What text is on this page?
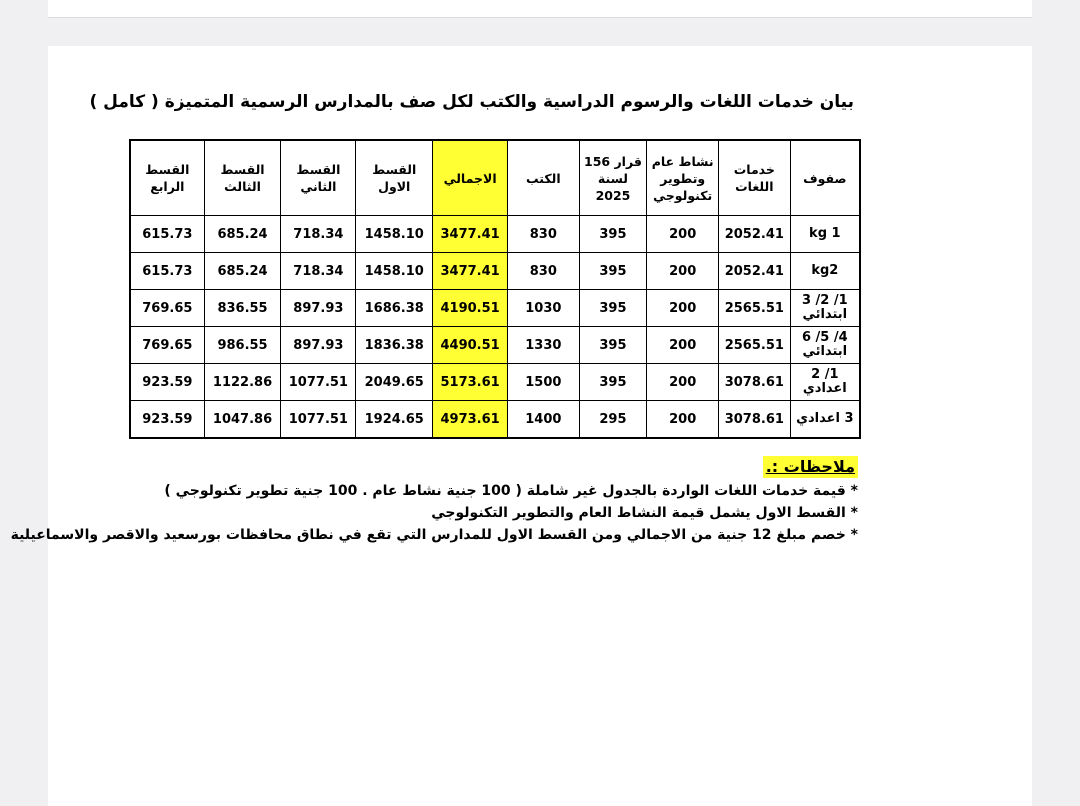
بيان خدمات اللغات والرسوم الدراسية والكتب لكل صف بالمدارس الرسمية المتميزة ( كامل )
صفوف	خدمات اللغات	نشاط عام وتطوير تكنولوجي	قرار 156 لسنة 2025	الكتب	الاجمالي	القسط الاول	القسط الثاني	القسط الثالث	القسط الرابع
kg 1	2052.41	200	395	830	3477.41	1458.10	718.34	685.24	615.73
kg2	2052.41	200	395	830	3477.41	1458.10	718.34	685.24	615.73
1/ 2/ 3 ابتدائي	2565.51	200	395	1030	4190.51	1686.38	897.93	836.55	769.65
4/ 5/ 6 ابتدائي	2565.51	200	395	1330	4490.51	1836.38	897.93	986.55	769.65
1/ 2 اعدادي	3078.61	200	395	1500	5173.61	2049.65	1077.51	1122.86	923.59
3 اعدادي	3078.61	200	295	1400	4973.61	1924.65	1077.51	1047.86	923.59
ملاحظات :.
* قيمة خدمات اللغات الواردة بالجدول غير شاملة ( 100 جنية نشاط عام . 100 جنية تطوير تكنولوجي )
* القسط الاول يشمل قيمة النشاط العام والتطوير التكنولوجي
* خصم مبلغ 12 جنية من الاجمالي ومن القسط الاول للمدارس التي تقع في نطاق محافظات بورسعيد والاقصر والاسماعيلية
